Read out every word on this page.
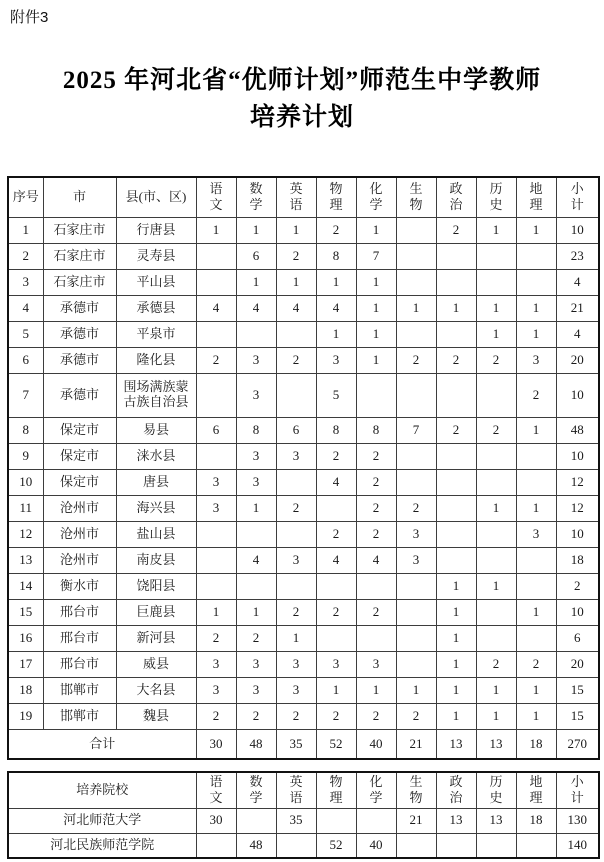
附件3
2025 年河北省“优师计划”师范生中学教师
培养计划
序号	市	县(市、区)	语文	数学	英语	物理	化学	生物	政治	历史	地理	小计
1	石家庄市	行唐县	1	1	1	2	1		2	1	1	10
2	石家庄市	灵寿县		6	2	8	7					23
3	石家庄市	平山县		1	1	1	1					4
4	承德市	承德县	4	4	4	4	1	1	1	1	1	21
5	承德市	平泉市				1	1			1	1	4
6	承德市	隆化县	2	3	2	3	1	2	2	2	3	20
7	承德市	围场满族蒙古族自治县		3		5					2	10
8	保定市	易县	6	8	6	8	8	7	2	2	1	48
9	保定市	涞水县		3	3	2	2					10
10	保定市	唐县	3	3		4	2					12
11	沧州市	海兴县	3	1	2		2	2		1	1	12
12	沧州市	盐山县				2	2	3			3	10
13	沧州市	南皮县		4	3	4	4	3				18
14	衡水市	饶阳县							1	1		2
15	邢台市	巨鹿县	1	1	2	2	2		1		1	10
16	邢台市	新河县	2	2	1				1			6
17	邢台市	威县	3	3	3	3	3		1	2	2	20
18	邯郸市	大名县	3	3	3	1	1	1	1	1	1	15
19	邯郸市	魏县	2	2	2	2	2	2	1	1	1	15
合计			30	48	35	52	40	21	13	13	18	270
培养院校	语文	数学	英语	物理	化学	生物	政治	历史	地理	小计
河北师范大学	30		35			21	13	13	18	130
河北民族师范学院		48		52	40					140
